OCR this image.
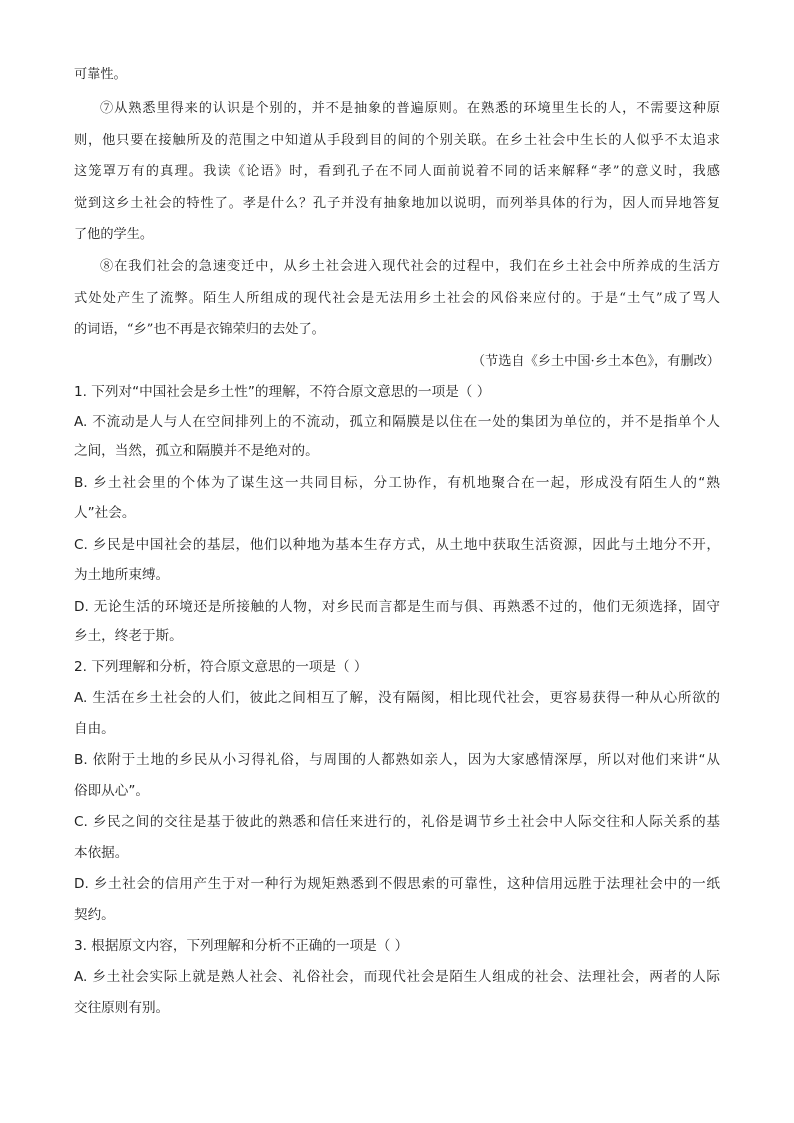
可靠性。
⑦从熟悉里得来的认识是个别的，并不是抽象的普遍原则。在熟悉的环境里生长的人，不需要这种原
则，他只要在接触所及的范围之中知道从手段到目的间的个别关联。在乡土社会中生长的人似乎不太追求
这笼罩万有的真理。我读《论语》时，看到孔子在不同人面前说着不同的话来解释“孝”的意义时，我感
觉到这乡土社会的特性了。孝是什么？孔子并没有抽象地加以说明，而列举具体的行为，因人而异地答复
了他的学生。
⑧在我们社会的急速变迁中，从乡土社会进入现代社会的过程中，我们在乡土社会中所养成的生活方
式处处产生了流弊。陌生人所组成的现代社会是无法用乡土社会的风俗来应付的。于是“土气”成了骂人
的词语，“乡”也不再是衣锦荣归的去处了。
（节选自《乡土中国·乡土本色》，有删改）
1. 下列对“中国社会是乡土性”的理解，不符合原文意思的一项是（ ）
A. 不流动是人与人在空间排列上的不流动，孤立和隔膜是以住在一处的集团为单位的，并不是指单个人
之间，当然，孤立和隔膜并不是绝对的。
B. 乡土社会里的个体为了谋生这一共同目标，分工协作，有机地聚合在一起，形成没有陌生人的“熟
人”社会。
C. 乡民是中国社会的基层，他们以种地为基本生存方式，从土地中获取生活资源，因此与土地分不开，
为土地所束缚。
D. 无论生活的环境还是所接触的人物，对乡民而言都是生而与俱、再熟悉不过的，他们无须选择，固守
乡土，终老于斯。
2. 下列理解和分析，符合原文意思的一项是（ ）
A. 生活在乡土社会的人们，彼此之间相互了解，没有隔阂，相比现代社会，更容易获得一种从心所欲的
自由。
B. 依附于土地的乡民从小习得礼俗，与周围的人都熟如亲人，因为大家感情深厚，所以对他们来讲“从
俗即从心”。
C. 乡民之间的交往是基于彼此的熟悉和信任来进行的，礼俗是调节乡土社会中人际交往和人际关系的基
本依据。
D. 乡土社会的信用产生于对一种行为规矩熟悉到不假思索的可靠性，这种信用远胜于法理社会中的一纸
契约。
3. 根据原文内容，下列理解和分析不正确的一项是（ ）
A. 乡土社会实际上就是熟人社会、礼俗社会，而现代社会是陌生人组成的社会、法理社会，两者的人际
交往原则有别。
